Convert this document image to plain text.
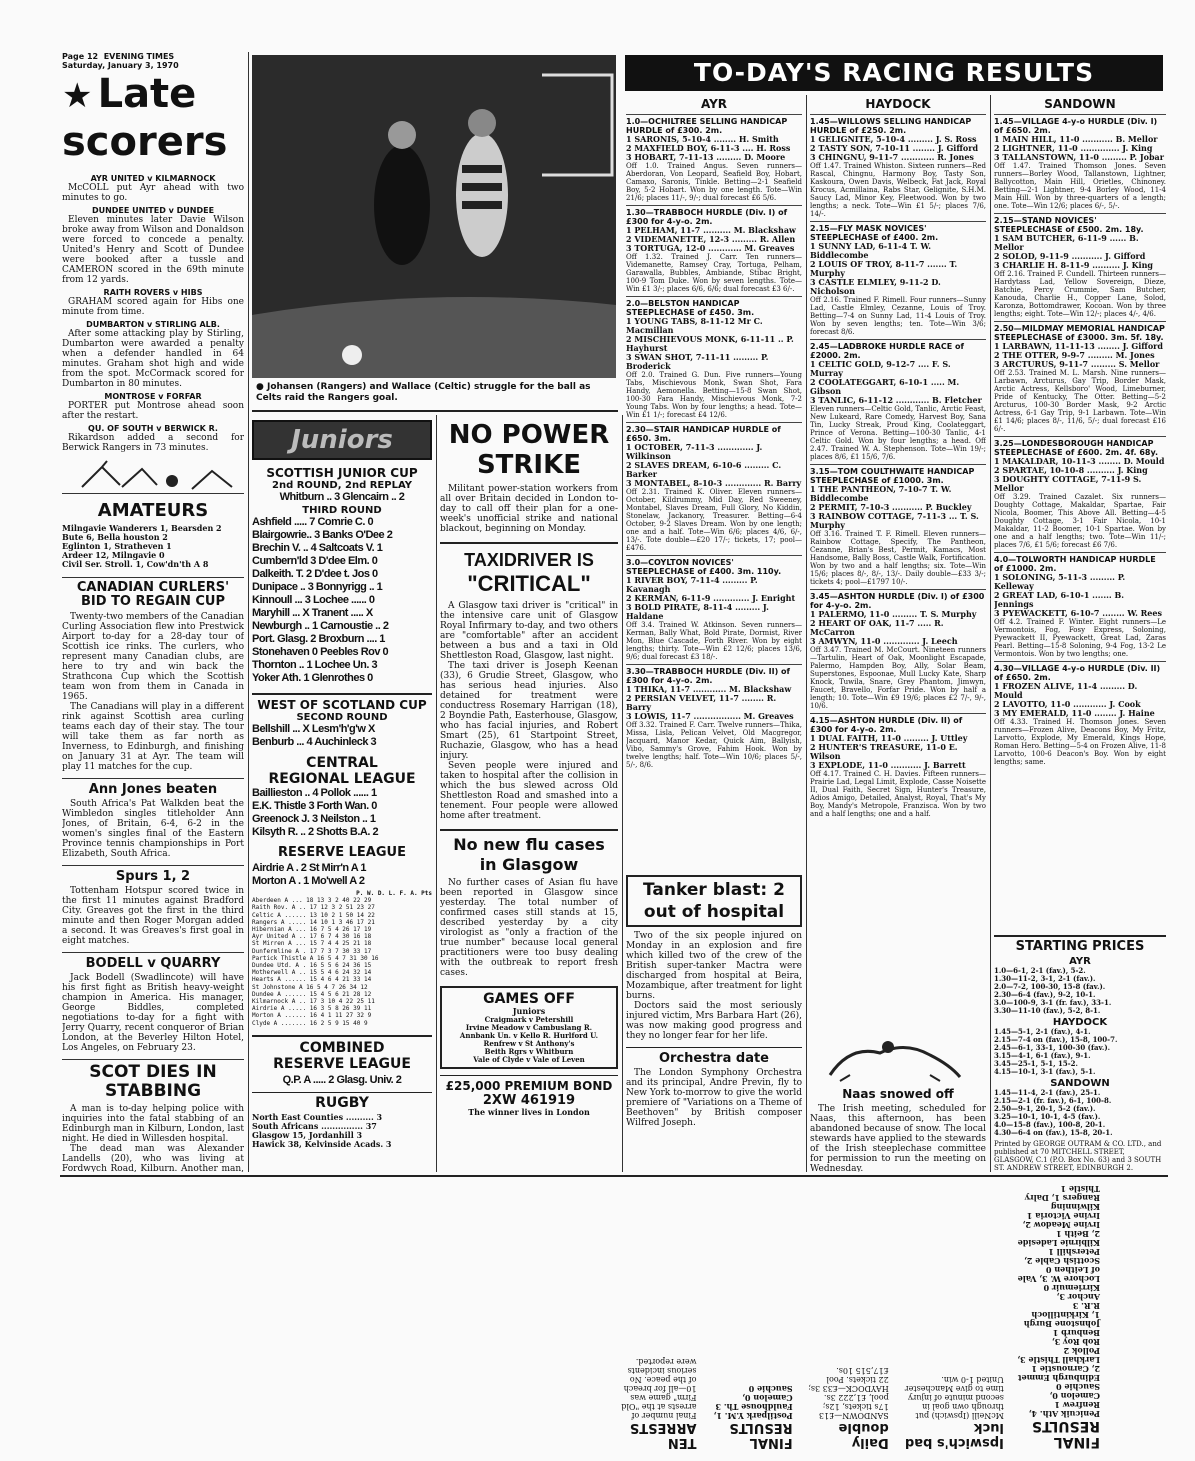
Page 12 EVENING TIMES
Saturday, January 3, 1970
★ Late
scorers
AYR UNITED v KILMARNOCK
McCOLL put Ayr ahead with two minutes to go.
DUNDEE UNITED v DUNDEE
Eleven minutes later Davie Wilson broke away from Wilson and Donaldson were forced to concede a penalty. United's Henry and Scott of Dundee were booked after a tussle and CAMERON scored in the 69th minute from 12 yards.
RAITH ROVERS v HIBS
GRAHAM scored again for Hibs one minute from time.
DUMBARTON v STIRLING ALB.
After some attacking play by Stirling, Dumbarton were awarded a penalty when a defender handled in 64 minutes. Graham shot high and wide from the spot. McCormack scored for Dumbarton in 80 minutes.
MONTROSE v FORFAR
PORTER put Montrose ahead soon after the restart.
QU. OF SOUTH v BERWICK R.
Rikardson added a second for Berwick Rangers in 73 minutes.
AMATEURS
Milngavie Wanderers 1, Bearsden 2
Bute 6, Bella houston 2
Eglinton 1, Stratheven 1
Ardeer 12, Milngavie 0
Civil Ser. Stroll. 1, Cow'dn'th A 8
CANADIAN CURLERS'
BID TO REGAIN CUP
Twenty-two members of the Canadian Curling Association flew into Prestwick Airport to-day for a 28-day tour of Scottish ice rinks. The curlers, who represent many Canadian clubs, are here to try and win back the Strathcona Cup which the Scottish team won from them in Canada in 1965.
The Canadians will play in a different rink against Scottish area curling teams each day of their stay. The tour will take them as far north as Inverness, to Edinburgh, and finishing on January 31 at Ayr. The team will play 11 matches for the cup.
Ann Jones beaten
South Africa's Pat Walkden beat the Wimbledon singles titleholder Ann Jones, of Britain, 6-4, 6-2 in the women's singles final of the Eastern Province tennis championships in Port Elizabeth, South Africa.
Spurs 1, 2
Tottenham Hotspur scored twice in the first 11 minutes against Bradford City. Greaves got the first in the third minute and then Roger Morgan added a second. It was Greaves's first goal in eight matches.
BODELL v QUARRY
Jack Bodell (Swadlincote) will have his first fight as British heavy-weight champion in America. His manager, George Biddles, completed negotiations to-day for a fight with Jerry Quarry, recent conqueror of Brian London, at the Beverley Hilton Hotel, Los Angeles, on February 23.
SCOT DIES IN
STABBING
A man is to-day helping police with inquiries into the fatal stabbing of an Edinburgh man in Kilburn, London, last night. He died in Willesden hospital.
The dead man was Alexander Landells (20), who was living at Fordwych Road, Kilburn. Another man,
● Johansen (Rangers) and Wallace (Celtic) struggle for the ball as Celts raid the Rangers goal.
Juniors
SCOTTISH JUNIOR CUP
2nd ROUND, 2nd REPLAY
Whitburn .. 3 Glencairn .. 2
THIRD ROUND
Ashfield ..... 7 Comrie C. 0
Blairgowrie.. 3 Banks O'Dee 2
Brechin V. .. 4 Saltcoats V. 1
Cumbern'ld 3 D'dee Elm. 0
Dalkeith. T. 2 D'dee t. Jos 0
Dunipace .. 3 Bonnyrigg .. 1
Kinnoull ... 3 Lochee ...... 0
Maryhill ... X Tranent ..... X
Newburgh .. 1 Carnoustie .. 2
Port. Glasg. 2 Broxburn .... 1
Stonehaven 0 Peebles Rov 0
Thornton .. 1 Lochee Un. 3
Yoker Ath. 1 Glenrothes 0
WEST OF SCOTLAND CUP
SECOND ROUND
Bellshill ... X Lesm'h'g'w X
Benburb ... 4 Auchinleck 3
CENTRAL
REGIONAL LEAGUE
Baillieston .. 4 Pollok ...... 1
E.K. Thistle 3 Forth Wan. 0
Greenock J. 3 Neilston .. 1
Kilsyth R. .. 2 Shotts B.A. 2
RESERVE LEAGUE
Airdrie A . 2 St Mirr'n A 1
Morton A . 1 Mo'well A 2
P. W. D. L. F. A. Pts
Aberdeen A ... 18 13 3 2 40 22 29
Raith Rov. A .. 17 12 3 2 51 23 27
Celtic A ...... 13 10 2 1 50 14 22
Rangers A ..... 14 10 1 3 46 17 21
Hibernian A ... 16 7 5 4 26 17 19
Ayr United A .. 17 6 7 4 30 16 18
St Mirren A ... 15 7 4 4 25 21 18
Dunfermline A . 17 7 3 7 30 33 17
Partick Thistle A 16 5 4 7 31 30 16
Dundee Utd. A . 16 5 5 6 24 36 15
Motherwell A .. 15 5 4 6 24 32 14
Hearts A ...... 15 4 6 4 21 33 14
St Johnstone A 16 5 4 7 26 34 12
Dundee A ...... 15 4 5 6 21 28 12
Kilmarnock A .. 17 3 10 4 22 25 11
Airdrie A ..... 16 3 5 8 26 39 11
Morton A ...... 16 4 1 11 27 32 9
Clyde A ....... 16 2 5 9 15 40 9
COMBINED
RESERVE LEAGUE
Q.P. A ..... 2 Glasg. Univ. 2
RUGBY
North East Counties .......... 3
South Africans ............... 37
Glasgow 15, Jordanhill 3
Hawick 38, Kelvinside Acads. 3
NO POWER
STRIKE
Militant power-station workers from all over Britain decided in London to-day to call off their plan for a one-week's unofficial strike and national blackout, beginning on Monday.
TAXIDRIVER IS
"CRITICAL"
A Glasgow taxi driver is "critical" in the intensive care unit of Glasgow Royal Infirmary to-day, and two others are "comfortable" after an accident between a bus and a taxi in Old Shettleston Road, Glasgow, last night.
The taxi driver is Joseph Keenan (33), 6 Grudie Street, Glasgow, who has serious head injuries. Also detained for treatment were conductress Rosemary Harrigan (18), 2 Boyndie Path, Easterhouse, Glasgow, who has facial injuries, and Robert Smart (25), 61 Startpoint Street, Ruchazie, Glasgow, who has a head injury.
Seven people were injured and taken to hospital after the collision in which the bus slewed across Old Shettleston Road and smashed into a tenement. Four people were allowed home after treatment.
No new flu cases
in Glasgow
No further cases of Asian flu have been reported in Glasgow since yesterday. The total number of confirmed cases still stands at 15, described yesterday by a city virologist as "only a fraction of the true number" because local general practitioners were too busy dealing with the outbreak to report fresh cases.
GAMES OFF
Juniors
Craigmark v Petershill
Irvine Meadow v Cambuslang R.
Annbank Un. v Kello R. Hurlford U.
Renfrew v St Anthony's
Beith Rgrs v Whitburn
Vale of Clyde v Vale of Leven
£25,000 PREMIUM BOND
2XW 461919
The winner lives in London
TO-DAY'S RACING RESULTS
AYR
1.0—OCHILTREE SELLING HANDICAP HURDLE of £300. 2m.
1 SARONIS, 5-10-4 ........ H. Smith
2 MAXFIELD BOY, 6-11-3 .... H. Ross
3 HOBART, 7-11-13 ......... D. Moore
Off 1.0. Trained Angus. Seven runners—Aberdoran, Von Leopard, Seafield Boy, Hobart, Camaxo, Saronis, Tinkle. Betting—2-1 Seafield Boy, 5-2 Hobart. Won by one length. Tote—Win 21/6; places 11/-, 9/-; dual forecast £6 5/6.
1.30—TRABBOCH HURDLE (Div. I) of £300 for 4-y-o. 2m.
1 PELHAM, 11-7 .......... M. Blackshaw
2 VIDEMANETTE, 12-3 ......... R. Allen
3 TORTUGA, 12-0 ............ M. Greaves
Off 1.32. Trained J. Carr. Ten runners—Videmanette, Ramsey Cray, Tortuga, Pelham, Garawalla, Bubbles, Ambiande, Stibac Bright, 100-9 Tom Duke. Won by seven lengths. Tote—Win £1 3/-; places 6/6, 6/6; dual forecast £3 6/-.
2.0—BELSTON HANDICAP STEEPLECHASE of £450. 3m.
1 YOUNG TABS, 8-11-12 Mr C. Macmillan
2 MISCHIEVOUS MONK, 6-11-11 .. P. Hayhurst
3 SWAN SHOT, 7-11-11 ......... P. Broderick
Off 2.0. Trained G. Dun. Five runners—Young Tabs, Mischievous Monk, Swan Shot, Fara Handy, Aemonella. Betting—15-8 Swan Shot, 100-30 Fara Handy, Mischievous Monk, 7-2 Young Tabs. Won by four lengths; a head. Tote—Win £1 1/-; forecast £4 12/6.
2.30—STAIR HANDICAP HURDLE of £650. 3m.
1 OCTOBER, 7-11-3 ............. J. Wilkinson
2 SLAVES DREAM, 6-10-6 ......... C. Barker
3 MONTABEL, 8-10-3 ............. R. Barry
Off 2.31. Trained K. Oliver. Eleven runners—October, Kildrummy, Mid Day, Red Sweeney, Montabel, Slaves Dream, Full Glory, No Kiddin, Stonelaw, Jackanory, Treasurer. Betting—6-4 October, 9-2 Slaves Dream. Won by one length; one and a half. Tote—Win 6/6; places 4/6, 6/-, 13/-. Tote double—£20 17/-; tickets, 17; pool—£476.
3.0—COYLTON NOVICES' STEEPLECHASE of £400. 3m. 110y.
1 RIVER BOY, 7-11-4 ......... P. Kavanagh
2 KERMAN, 6-11-9 ............. J. Enright
3 BOLD PIRATE, 8-11-4 ......... J. Haldane
Off 3.4. Trained W. Atkinson. Seven runners—Kerman, Bally What, Bold Pirate, Dormist, River Mon, Blue Cascade, Forth River. Won by eight lengths; thirty. Tote—Win £2 12/6; places 13/6, 9/6; dual forecast £3 18/-.
3.30—TRABBOCH HURDLE (Div. II) of £300 for 4-y-o. 2m.
1 THIKA, 11-7 ............ M. Blackshaw
2 PERSIAN VELVET, 11-7 ........ R. Barry
3 LOWIS, 11-7 ................. M. Greaves
Off 3.32. Trained F. Carr. Twelve runners—Thika, Missa, Lisla, Pelican Velvet, Old Macgregor, Jacquard, Manor Kedar, Quick Aim, Ballyish, Vibo, Sammy's Grove, Fahim Hook. Won by twelve lengths; half. Tote—Win 10/6; places 5/-, 5/-, 8/6.
HAYDOCK
1.45—WILLOWS SELLING HANDICAP HURDLE of £250. 2m.
1 GELIGNITE, 5-10-4 ......... J. S. Ross
2 TASTY SON, 7-10-11 ........ J. Gifford
3 CHINGNU, 9-11-7 ............ R. Jones
Off 1.47. Trained Whiston. Sixteen runners—Red Rascal, Chingnu, Harmony Boy, Tasty Son, Kaskoura, Owen Davis, Welbeck, Fat Jack, Royal Krocus, Acmillaina, Rabs Star, Gelignite, S.H.M. Saucy Lad, Minor Key, Fleetwood. Won by two lengths; a neck. Tote—Win £1 5/-; places 7/6, 14/-.
2.15—FLY MASK NOVICES' STEEPLECHASE of £400. 2m.
1 SUNNY LAD, 6-11-4 T. W. Biddlecombe
2 LOUIS OF TROY, 8-11-7 ....... T. Murphy
3 CASTLE ELMLEY, 9-11-2 D. Nicholson
Off 2.16. Trained F. Rimell. Four runners—Sunny Lad, Castle Elmley, Cezanne, Louis of Troy. Betting—7-4 on Sunny Lad, 11-4 Louis of Troy. Won by seven lengths; ten. Tote—Win 3/6; forecast 8/6.
2.45—LADBROKE HURDLE RACE of £2000. 2m.
1 CELTIC GOLD, 9-12-7 .... F. S. Murray
2 COOLATEGGART, 6-10-1 ..... M. Gibson
3 TANLIC, 6-11-12 ............ B. Fletcher
Eleven runners—Celtic Gold, Tanlic, Arctic Feast, New Lukeard, Rare Comedy, Harvest Boy, Sana Tin, Lucky Streak, Proud King, Coolateggart, Prince of Verona. Betting—100-30 Tanlic, 4-1 Celtic Gold. Won by four lengths; a head. Off 2.47. Trained W. A. Stephenson. Tote—Win 19/-; places 8/6, £1 15/6, 7/6.
3.15—TOM COULTHWAITE HANDICAP STEEPLECHASE of £1000. 3m.
1 THE PANTHEON, 7-10-7 T. W. Biddlecombe
2 PERMIT, 7-10-3 ........... P. Buckley
3 RAINBOW COTTAGE, 7-11-3 ... T. S. Murphy
Off 3.16. Trained T. F. Rimell. Eleven runners—Rainbow Cottage, Specify, The Pantheon, Cezanne, Brian's Best, Permit, Kamacs, Most Handsome, Bally Boss, Castle Walk, Fortification. Won by two and a half lengths; six. Tote—Win 15/6; places 8/-, 8/-, 13/-. Daily double—£33 3/-; tickets 4; pool—£1797 10/-.
3.45—ASHTON HURDLE (Div. I) of £300 for 4-y-o. 2m.
1 PALERMO, 11-0 ......... T. S. Murphy
2 HEART OF OAK, 11-7 ..... R. McCarron
3 AMWYN, 11-0 ............. J. Leech
Off 3.47. Trained M. McCourt. Nineteen runners—Tartulin, Heart of Oak, Moonlight Escapade, Palermo, Hampden Boy, Ally, Solar Beam, Superstones, Espoonae, Mull Lucky Kate, Sharp Knock, Tuwila, Snare, Grey Phantom, Jimwyn, Faucet, Bravello, Forfar Pride. Won by half a length; 10. Tote—Win £9 19/6; places £2 7/-, 9/-, 10/6.
4.15—ASHTON HURDLE (Div. II) of £300 for 4-y-o. 2m.
1 DUAL FAITH, 11-0 ......... J. Uttley
2 HUNTER'S TREASURE, 11-0 E. Wilson
3 EXPLODE, 11-0 ........... J. Barrett
Off 4.17. Trained C. H. Davies. Fifteen runners—Prairie Lad, Legal Limit, Explode, Casse Noisette II, Dual Faith, Secret Sign, Hunter's Treasure, Adios Amigo, Detailed, Analyst, Royal, That's My Boy, Mandy's Metropole, Franzisca. Won by two and a half lengths; one and a half.
SANDOWN
1.45—VILLAGE 4-y-o HURDLE (Div. I) of £650. 2m.
1 MAIN HILL, 11-0 ........... B. Mellor
2 LIGHTNER, 11-0 .............. J. King
3 TALLANSTOWN, 11-0 ......... P. Jobar
Off 1.47. Trained Thomson Jones. Seven runners—Borley Wood, Tallanstown, Lightner, Ballycotton, Main Hill, Orietles, Chinoney. Betting—2-1 Lightner, 9-4 Borley Wood, 11-4 Main Hill. Won by three-quarters of a length; one. Tote—Win 12/6; places 6/-, 5/-.
2.15—STAND NOVICES' STEEPLECHASE of £500. 2m. 18y.
1 SAM BUTCHER, 6-11-9 ...... B. Mellor
2 SOLOD, 9-11-9 ........... J. Gifford
3 CHARLIE H. 8-11-9 .......... J. King
Off 2.16. Trained F. Cundell. Thirteen runners—Hardytass Lad, Yellow Sovereign, Dieze, Batchie, Percy Crummie, Sam Butcher, Kanouda, Charlie H., Copper Lane, Solod, Karonza, Bottomdrawer, Kocoan. Won by three lengths; eight. Tote—Win 12/-; places 4/-, 4/6.
2.50—MILDMAY MEMORIAL HANDICAP STEEPLECHASE of £3000. 3m. 5f. 18y.
1 LARBAWN, 11-11-13 ........ J. Gifford
2 THE OTTER, 9-9-7 ......... M. Jones
3 ARCTURUS, 9-11-7 ......... S. Mellor
Off 2.53. Trained M. L. Marsh. Nine runners—Larbawn, Arcturus, Gay Trip, Border Mask, Arctic Actress, Kellsboro' Wood, Limeburner, Pride of Kentucky, The Otter. Betting—5-2 Arcturus, 100-30 Border Mask, 9-2 Arctic Actress, 6-1 Gay Trip, 9-1 Larbawn. Tote—Win £1 14/6; places 8/-, 11/6, 5/-; dual forecast £16 6/-.
3.25—LONDESBOROUGH HANDICAP STEEPLECHASE of £600. 2m. 4f. 68y.
1 MAKALDAR, 10-11-3 ........ D. Mould
2 SPARTAE, 10-10-8 .......... J. King
3 DOUGHTY COTTAGE, 7-11-9 S. Mellor
Off 3.29. Trained Cazalet. Six runners—Doughty Cottage, Makaldar, Spartae, Fair Nicola, Boomer, This Above All. Betting—4-5 Doughty Cottage, 3-1 Fair Nicola, 10-1 Makaldar, 11-2 Boomer, 10-1 Spartae. Won by one and a half lengths; two. Tote—Win 11/-; places 7/6, £1 5/6; forecast £6 7/6.
4.0—TOLWORTH HANDICAP HURDLE of £1000. 2m.
1 SOLONING, 5-11-3 ......... P. Kelleway
2 GREAT LAD, 6-10-1 ....... B. Jennings
3 PYEWACKETT, 6-10-7 ........ W. Rees
Off 4.2. Trained F. Winter. Eight runners—Le Vermontois, Fog, Fosy Express, Soloning, Pyewackett II, Pyewackett, Great Lad, Zaras Pearl. Betting—15-8 Soloning, 9-4 Fog, 13-2 Le Vermontois. Won by two lengths; one.
4.30—VILLAGE 4-y-o HURDLE (Div. II) of £650. 2m.
1 FROZEN ALIVE, 11-4 ......... D. Mould
2 LAVOTTO, 11-0 ............ J. Cook
3 MY EMERALD, 11-0 ........ J. Haine
Off 4.33. Trained H. Thomson Jones. Seven runners—Frozen Alive, Deacons Boy, My Fritz, Larvotto, Explode, My Emerald, Kings Hope, Roman Hero. Betting—5-4 on Frozen Alive, 11-8 Larvotto, 100-6 Deacon's Boy. Won by eight lengths; same.
Tanker blast: 2
out of hospital
Two of the six people injured on Monday in an explosion and fire which killed two of the crew of the British super-tanker Mactra were discharged from hospital at Beira, Mozambique, after treatment for light burns.
Doctors said the most seriously injured victim, Mrs Barbara Hart (26), was now making good progress and they no longer fear for her life.
Orchestra date
The London Symphony Orchestra and its principal, Andre Previn, fly to New York to-morrow to give the world premiere of "Variations on a Theme of Beethoven" by British composer Wilfred Joseph.
Naas snowed off
The Irish meeting, scheduled for Naas, this afternoon, has been abandoned because of snow. The local stewards have applied to the stewards of the Irish steeplechase committee for permission to run the meeting on Wednesday.
STARTING PRICES
AYR
1.0—6-1, 2-1 (fav.), 5-2.
1.30—11-2, 3-1, 2-1 (fav.).
2.0—7-2, 100-30, 15-8 (fav.).
2.30—6-4 (fav.), 9-2, 10-1.
3.0—100-9, 3-1 (fr. fav.), 33-1.
3.30—11-10 (fav.), 5-2, 8-1.
HAYDOCK
1.45—5-1, 2-1 (fav.), 4-1.
2.15—7-4 on (fav.), 15-8, 100-7.
2.45—6-1, 33-1, 100-30 (fav.).
3.15—4-1, 6-1 (fav.), 9-1.
3.45—25-1, 5-1, 15-2.
4.15—10-1, 3-1 (fav.), 5-1.
SANDOWN
1.45—11-4, 2-1 (fav.), 25-1.
2.15—2-1 (fr. fav.), 6-1, 100-8.
2.50—9-1, 20-1, 5-2 (fav.).
3.25—10-1, 10-1, 4-5 (fav.).
4.0—15-8 (fav.), 100-8, 20-1.
4.30—6-4 on (fav.), 15-8, 20-1.
Printed by GEORGE OUTRAM & CO. LTD., and published at 70 MITCHELL STREET, GLASGOW, C.1 (P.O. Box No. 63) and 3 SOUTH ST. ANDREW STREET, EDINBURGH 2.
FINAL RESULTS
Penicuik Ath. 4, Renfrew 1
Camelon 0, Sauchie 0
Edinburgh Emmet 2, Carnoustie 1
Larkhall Thistle 3, Pollok 2
Rob Roy 3, Benburb 1
Johnstone Burgh 1, Kirkintilloch R.R. 3
Anchor 3, Kirriemuir 0
Lochore W. 3, Vale of Leithen 0
Scottish Cable 2, Petershill 1
Kilbirnie Ladeside 2, Beith 1
Irvine Meadow 2, Irvine Victoria 1
Kilwinning Rangers 1, Dalry Thistle 1
Ipswich's bad luck
McNeill (Ipswich) put through own goal in second minute of injury time to give Manchester United 1-0 win.
Daily double
SANDOWN—£13 17s tickets, 12s; pool, £1,222 3s. HAYDOCK—£33 3s; 22 tickets. Pool £17,515 10s.
FINAL RESULTS
Postilpark Y.M. 1, Fauldhouse Th. 3
Camelon 0, Sauchie 0
TEN ARRESTS
Final number of arrests at the "Old Firm" game was 10—all for breach of the peace. No serious incidents were reported.
